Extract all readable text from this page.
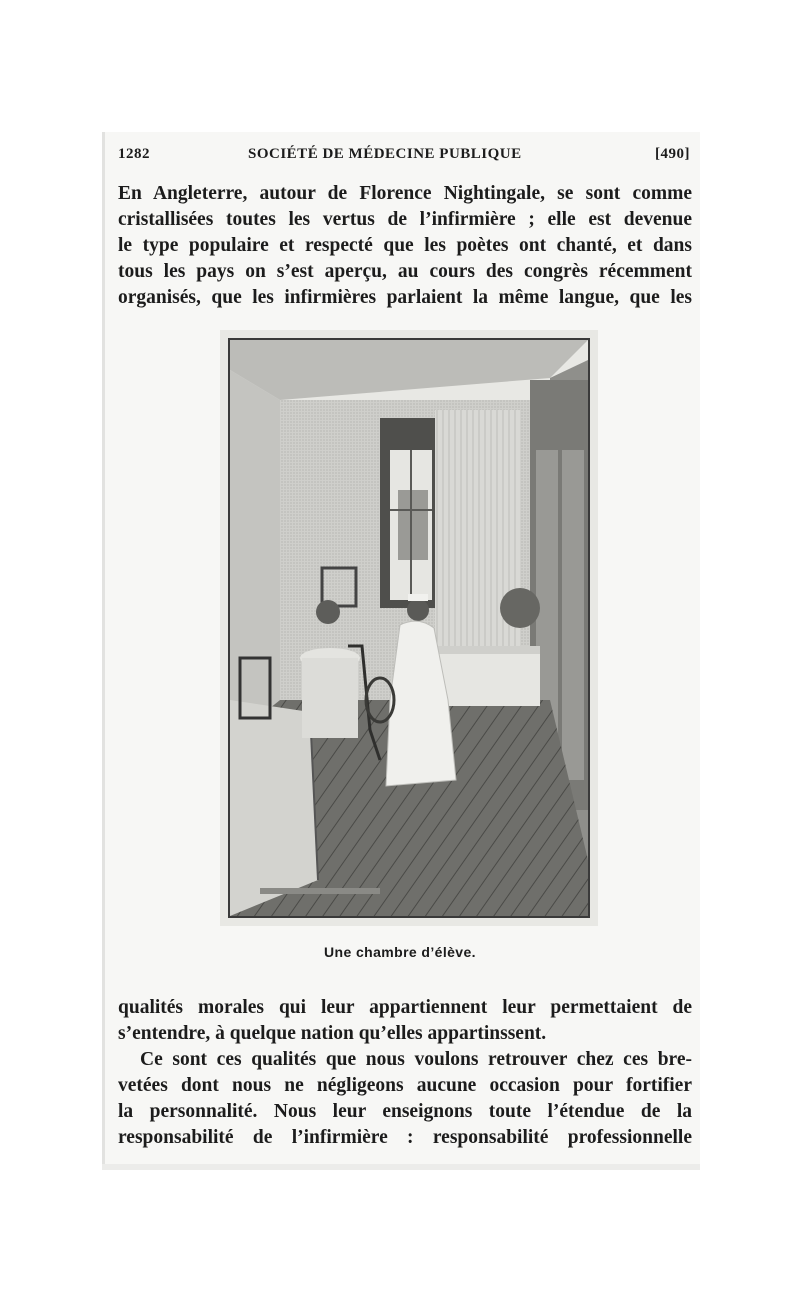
1282	SOCIÉTÉ DE MÉDECINE PUBLIQUE	[490]

En Angleterre, autour de Florence Nightingale, se sont comme
cristallisées toutes les vertus de l’infirmière ; elle est devenue
le type populaire et respecté que les poètes ont chanté, et dans
tous les pays on s’est aperçu, au cours des congrès récemment
organisés, que les infirmières parlaient la même langue, que les

Une chambre d’élève.

qualités morales qui leur appartiennent leur permettaient de
s’entendre, à quelque nation qu’elles appartinssent.
Ce sont ces qualités que nous voulons retrouver chez ces bre-
vetées dont nous ne négligeons aucune occasion pour fortifier
la personnalité. Nous leur enseignons toute l’étendue de la
responsabilité de l’infirmière : responsabilité professionnelle
